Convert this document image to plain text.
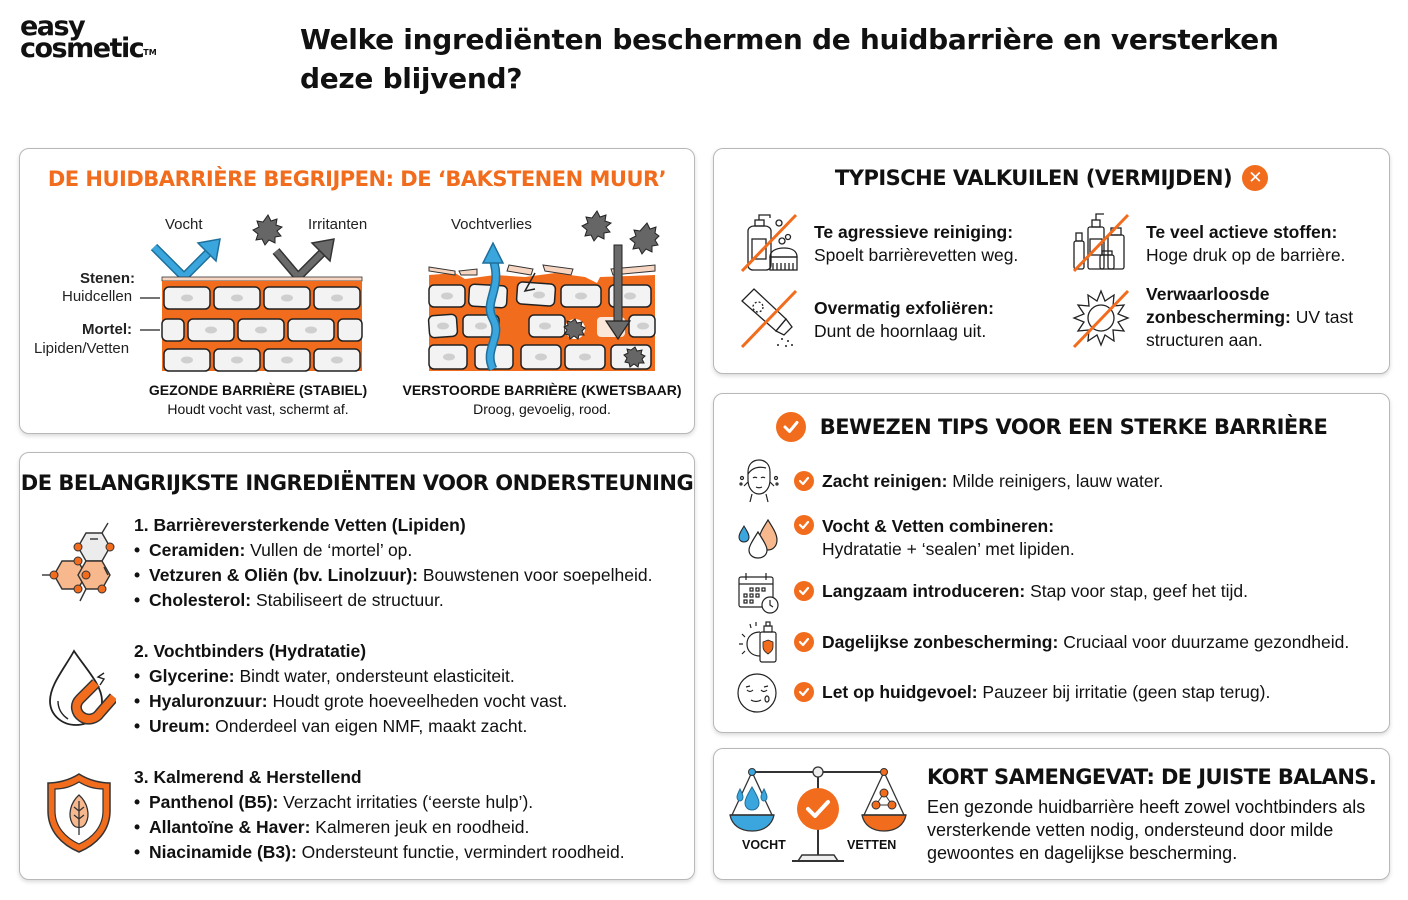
easy
cosmetic™	Welke ingrediënten beschermen de huidbarrière en versterken deze blijvend?
DE HUIDBARRIÈRE BEGRIJPEN: DE ‘BAKSTENEN MUUR’
Vocht	Irritanten
Stenen:
Huidcellen
Mortel:
Lipiden/Vetten
GEZONDE BARRIÈRE (STABIEL)
Houdt vocht vast, schermt af.
Vochtverlies
VERSTOORDE BARRIÈRE (KWETSBAAR)
Droog, gevoelig, rood.
DE BELANGRIJKSTE INGREDIËNTEN VOOR ONDERSTEUNING
1. Barrièreversterkende Vetten (Lipiden)
• Ceramiden: Vullen de ‘mortel’ op.
• Vetzuren & Oliën (bv. Linolzuur): Bouwstenen voor soepelheid.
• Cholesterol: Stabiliseert de structuur.
2. Vochtbinders (Hydratatie)
• Glycerine: Bindt water, ondersteunt elasticiteit.
• Hyaluronzuur: Houdt grote hoeveelheden vocht vast.
• Ureum: Onderdeel van eigen NMF, maakt zacht.
3. Kalmerend & Herstellend
• Panthenol (B5): Verzacht irritaties (‘eerste hulp’).
• Allantoïne & Haver: Kalmeren jeuk en roodheid.
• Niacinamide (B3): Ondersteunt functie, vermindert roodheid.
TYPISCHE VALKUILEN (VERMIJDEN) ✕
Te agressieve reiniging:
Spoelt barrièrevetten weg.
Te veel actieve stoffen:
Hoge druk op de barrière.
Overmatig exfoliëren:
Dunt de hoornlaag uit.
Verwaarloosde
zonbescherming: UV tast
structuren aan.
BEWEZEN TIPS VOOR EEN STERKE BARRIÈRE
Zacht reinigen: Milde reinigers, lauw water.
Vocht & Vetten combineren:
Hydratatie + ‘sealen’ met lipiden.
Langzaam introduceren: Stap voor stap, geef het tijd.
Dagelijkse zonbescherming: Cruciaal voor duurzame gezondheid.
Let op huidgevoel: Pauzeer bij irritatie (geen stap terug).
VOCHT	VETTEN
KORT SAMENGEVAT: DE JUISTE BALANS.

Een gezonde huidbarrière heeft zowel vochtbinders als versterkende vetten nodig, ondersteund door milde gewoontes en dagelijkse bescherming.
